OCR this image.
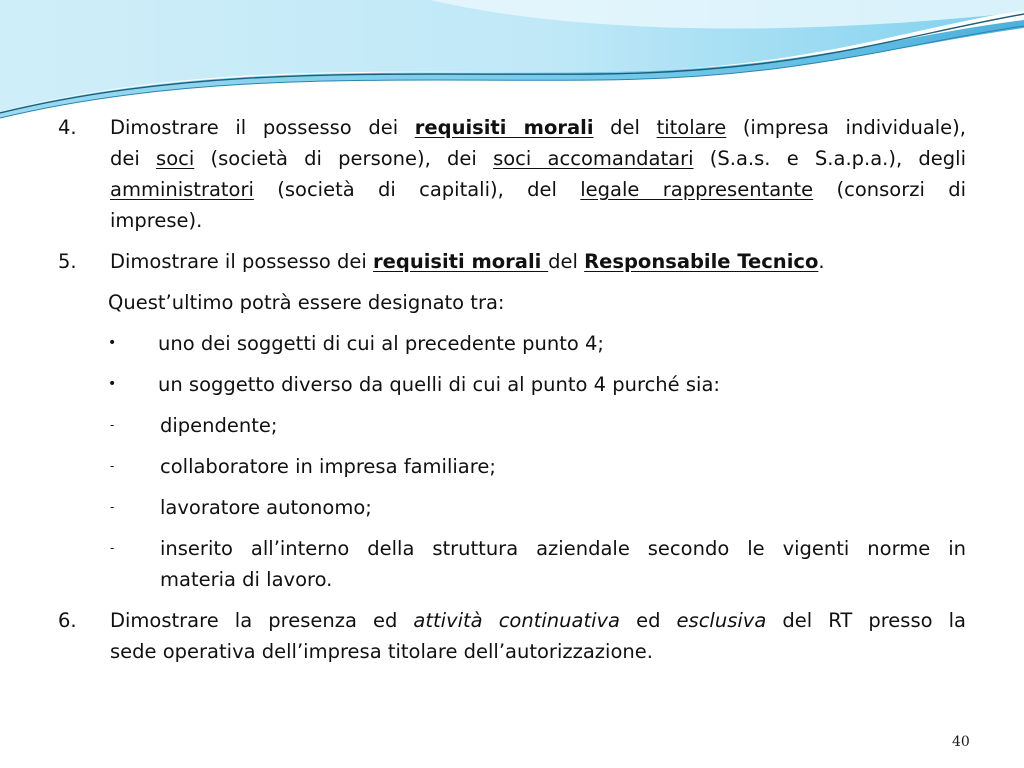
4.	Dimostrare il possesso dei requisiti morali del titolare (impresa individuale),
dei soci (società di persone), dei soci accomandatari (S.a.s. e S.a.p.a.), degli
amministratori (società di capitali), del legale rappresentante (consorzi di
imprese).
5.	Dimostrare il possesso dei requisiti morali del Responsabile Tecnico.
Quest’ultimo potrà essere designato tra:
•	uno dei soggetti di cui al precedente punto 4;
•	un soggetto diverso da quelli di cui al punto 4 purché sia:
-	dipendente;
-	collaboratore in impresa familiare;
-	lavoratore autonomo;
-	inserito all’interno della struttura aziendale secondo le vigenti norme in
materia di lavoro.
6.	Dimostrare la presenza ed attività continuativa ed esclusiva del RT presso la
sede operativa dell’impresa titolare dell’autorizzazione.
40
